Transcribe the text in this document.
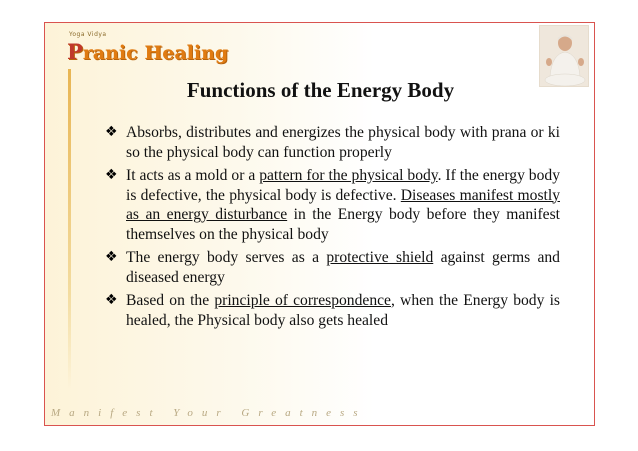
Yoga Vidya
Pranic Healing
Functions of the Energy Body
❖ Absorbs, distributes and energizes the physical body with prana or ki so the physical body can function properly
❖ It acts as a mold or a pattern for the physical body. If the energy body is defective, the physical body is defective. Diseases manifest mostly as an energy disturbance in the Energy body before they manifest themselves on the physical body
❖ The energy body serves as a protective shield against germs and diseased energy
❖ Based on the principle of correspondence, when the Energy body is healed, the Physical body also gets healed
Manifest Your Greatness
